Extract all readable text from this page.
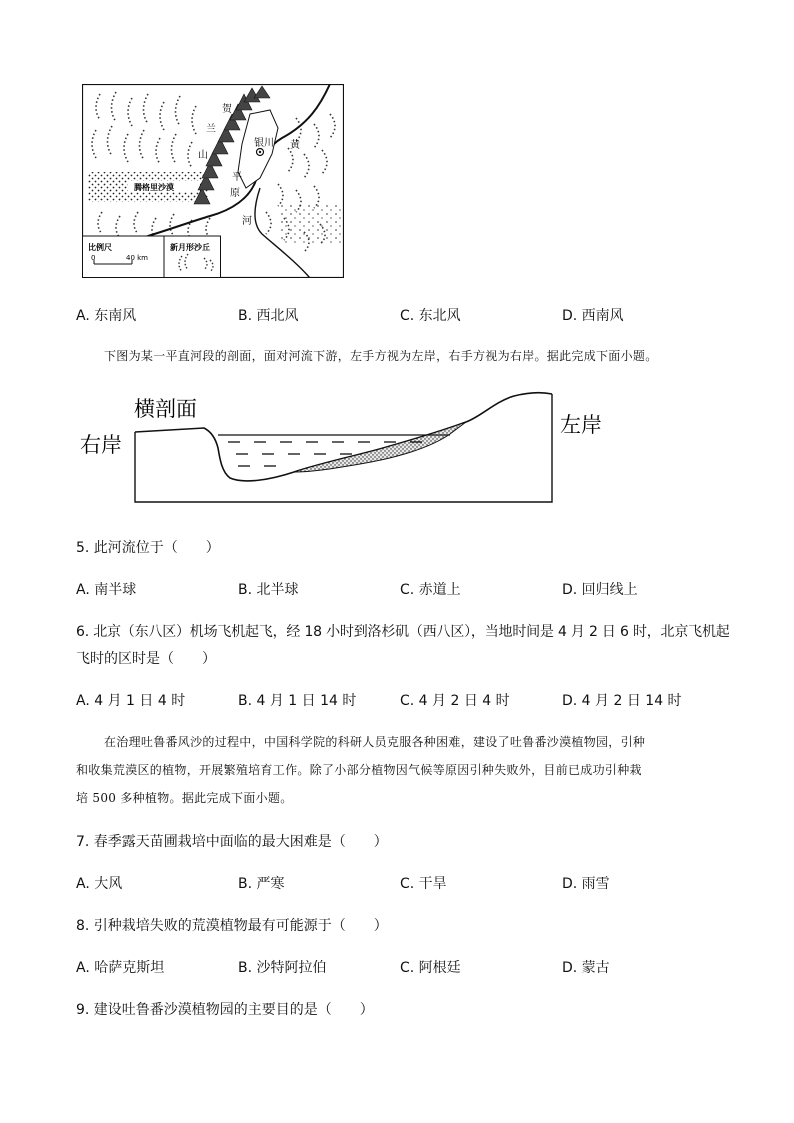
贺
兰
山
银川
平
原
黄
河
腾格里沙漠
比例尺
0	40 km
新月形沙丘
A. 东南风	B. 西北风	C. 东北风	D. 西南风
下图为某一平直河段的剖面，面对河流下游，左手方视为左岸，右手方视为右岸。据此完成下面小题。
横剖面
右岸
左岸
5. 此河流位于（　　）
A. 南半球	B. 北半球	C. 赤道上	D. 回归线上
6. 北京（东八区）机场飞机起飞，经 18 小时到洛杉矶（西八区），当地时间是 4 月 2 日 6 时，北京飞机起
飞时的区时是（　　）
A. 4 月 1 日 4 时	B. 4 月 1 日 14 时	C. 4 月 2 日 4 时	D. 4 月 2 日 14 时
在治理吐鲁番风沙的过程中，中国科学院的科研人员克服各种困难，建设了吐鲁番沙漠植物园，引种
和收集荒漠区的植物，开展繁殖培育工作。除了小部分植物因气候等原因引种失败外，目前已成功引种栽
培 500 多种植物。据此完成下面小题。
7. 春季露天苗圃栽培中面临的最大困难是（　　）
A. 大风	B. 严寒	C. 干旱	D. 雨雪
8. 引种栽培失败的荒漠植物最有可能源于（　　）
A. 哈萨克斯坦	B. 沙特阿拉伯	C. 阿根廷	D. 蒙古
9. 建设吐鲁番沙漠植物园的主要目的是（　　）
